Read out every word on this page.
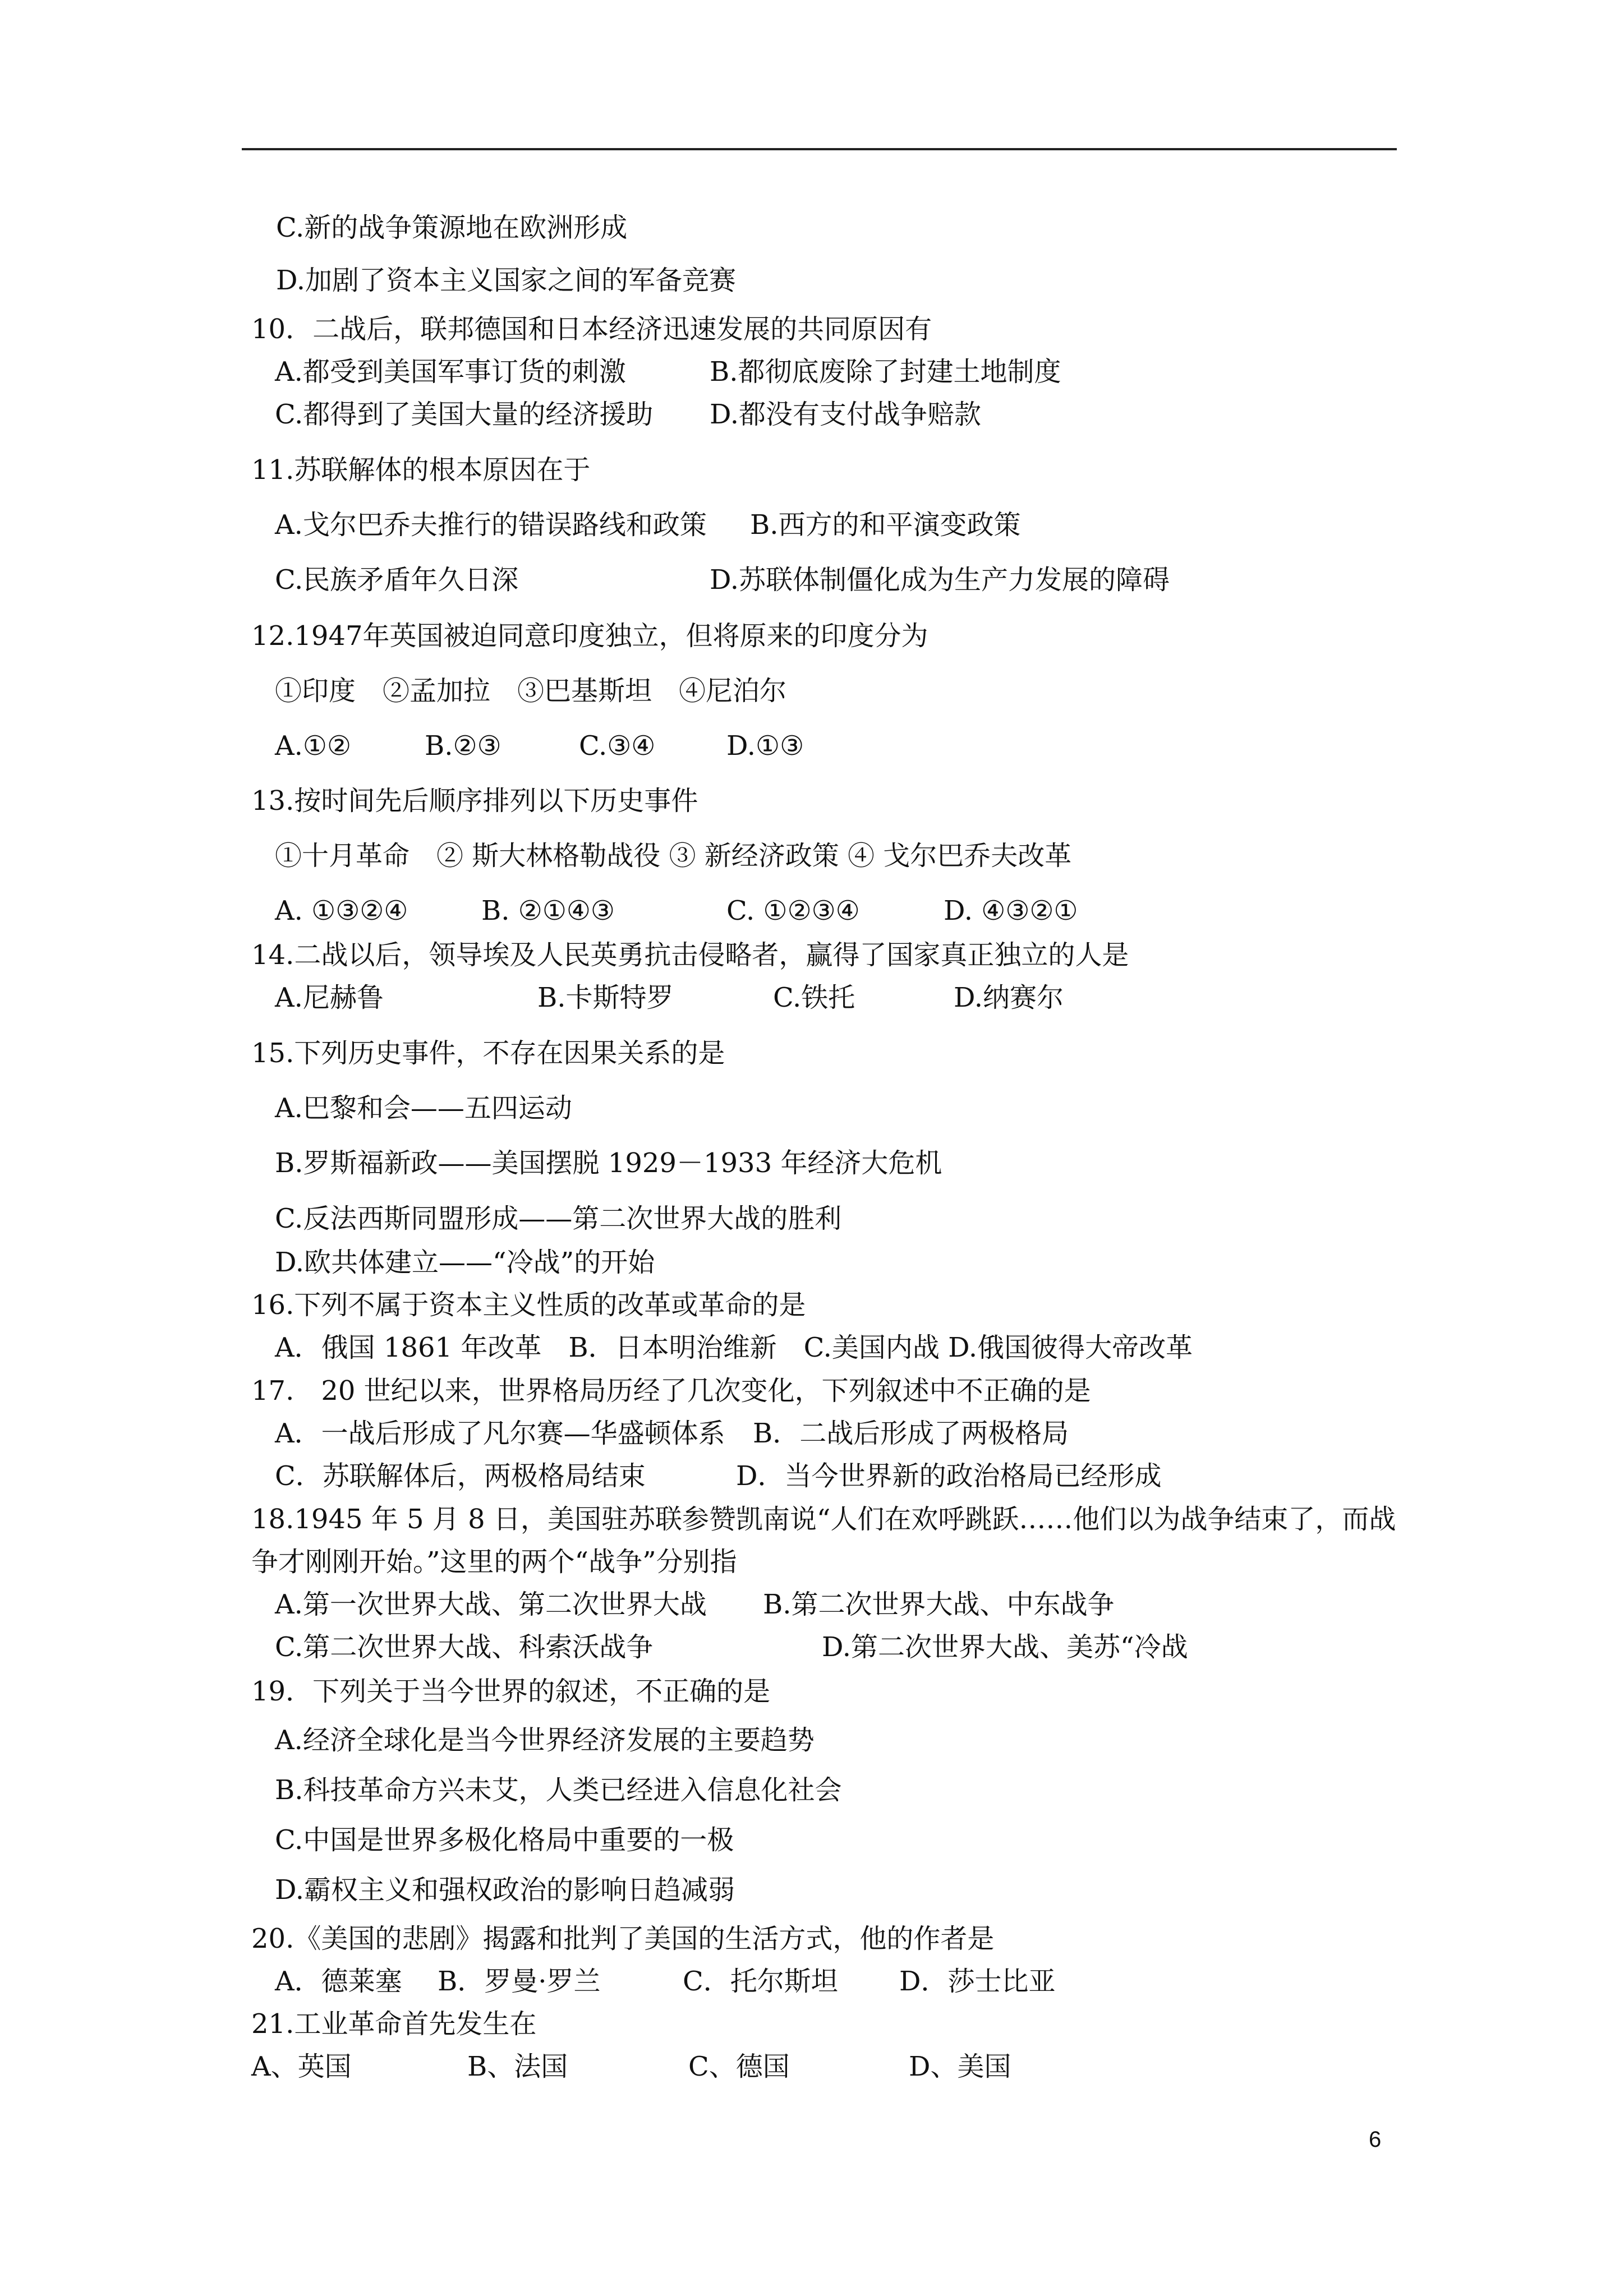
C.新的战争策源地在欧洲形成
D.加剧了资本主义国家之间的军备竞赛
10．二战后，联邦德国和日本经济迅速发展的共同原因有
A.都受到美国军事订货的刺激	B.都彻底废除了封建土地制度
C.都得到了美国大量的经济援助 D.都没有支付战争赔款
11.苏联解体的根本原因在于
A.戈尔巴乔夫推行的错误路线和政策 B.西方的和平演变政策
C.民族矛盾年久日深	D.苏联体制僵化成为生产力发展的障碍
12.1947年英国被迫同意印度独立，但将原来的印度分为
①印度　②孟加拉　③巴基斯坦　④尼泊尔
A.①②	B.②③	C.③④	D.①③
13.按时间先后顺序排列以下历史事件
①十月革命　② 斯大林格勒战役 ③ 新经济政策 ④ 戈尔巴乔夫改革
A. ①③②④	B. ②①④③	C. ①②③④	D. ④③②①
14.二战以后，领导埃及人民英勇抗击侵略者，赢得了国家真正独立的人是
A.尼赫鲁	B.卡斯特罗	C.铁托	D.纳赛尔
15.下列历史事件，不存在因果关系的是
A.巴黎和会——五四运动
B.罗斯福新政——美国摆脱 1929－1933 年经济大危机
C.反法西斯同盟形成——第二次世界大战的胜利
D.欧共体建立——“冷战”的开始
16.下列不属于资本主义性质的改革或革命的是
A．俄国 1861 年改革　B．日本明治维新　C.美国内战 D.俄国彼得大帝改革
17.　20 世纪以来，世界格局历经了几次变化，下列叙述中不正确的是
A．一战后形成了凡尔赛—华盛顿体系 B．二战后形成了两极格局
C．苏联解体后，两极格局结束	D．当今世界新的政治格局已经形成
18.1945 年 5 月 8 日，美国驻苏联参赞凯南说“人们在欢呼跳跃……他们以为战争结束了，而战
争才刚刚开始。”这里的两个“战争”分别指
A.第一次世界大战、第二次世界大战 B.第二次世界大战、中东战争
C.第二次世界大战、科索沃战争	D.第二次世界大战、美苏“冷战
19．下列关于当今世界的叙述，不正确的是
A.经济全球化是当今世界经济发展的主要趋势
B.科技革命方兴未艾，人类已经进入信息化社会
C.中国是世界多极化格局中重要的一极
D.霸权主义和强权政治的影响日趋减弱
20.《美国的悲剧》揭露和批判了美国的生活方式，他的作者是
A．德莱塞 B．罗曼·罗兰	C．托尔斯坦 D．莎士比亚
21.工业革命首先发生在
A、英国	B、法国	C、德国	D、美国
6
